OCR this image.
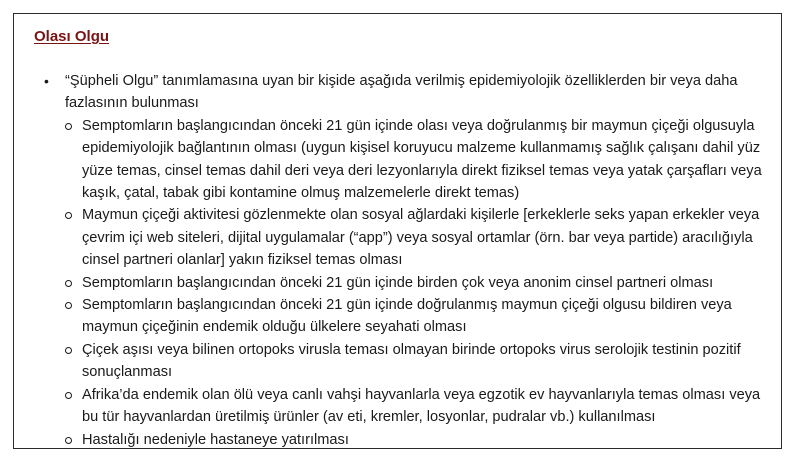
Olası Olgu
• “Şüpheli Olgu” tanımlamasına uyan bir kişide aşağıda verilmiş epidemiyolojik özelliklerden bir veya daha fazlasının bulunması
Semptomların başlangıcından önceki 21 gün içinde olası veya doğrulanmış bir maymun çiçeği olgusuyla epidemiyolojik bağlantının olması (uygun kişisel koruyucu malzeme kullanmamış sağlık çalışanı dahil yüz yüze temas, cinsel temas dahil deri veya deri lezyonlarıyla direkt fiziksel temas veya yatak çarşafları veya kaşık, çatal, tabak gibi kontamine olmuş malzemelerle direkt temas)
Maymun çiçeği aktivitesi gözlenmekte olan sosyal ağlardaki kişilerle [erkeklerle seks yapan erkekler veya çevrim içi web siteleri, dijital uygulamalar (“app”) veya sosyal ortamlar (örn. bar veya partide) aracılığıyla cinsel partneri olanlar] yakın fiziksel temas olması
Semptomların başlangıcından önceki 21 gün içinde birden çok veya anonim cinsel partneri olması
Semptomların başlangıcından önceki 21 gün içinde doğrulanmış maymun çiçeği olgusu bildiren veya maymun çiçeğinin endemik olduğu ülkelere seyahati olması
Çiçek aşısı veya bilinen ortopoks virusla teması olmayan birinde ortopoks virus serolojik testinin pozitif sonuçlanması
Afrika’da endemik olan ölü veya canlı vahşi hayvanlarla veya egzotik ev hayvanlarıyla temas olması veya bu tür hayvanlardan üretilmiş ürünler (av eti, kremler, losyonlar, pudralar vb.) kullanılması
Hastalığı nedeniyle hastaneye yatırılması
